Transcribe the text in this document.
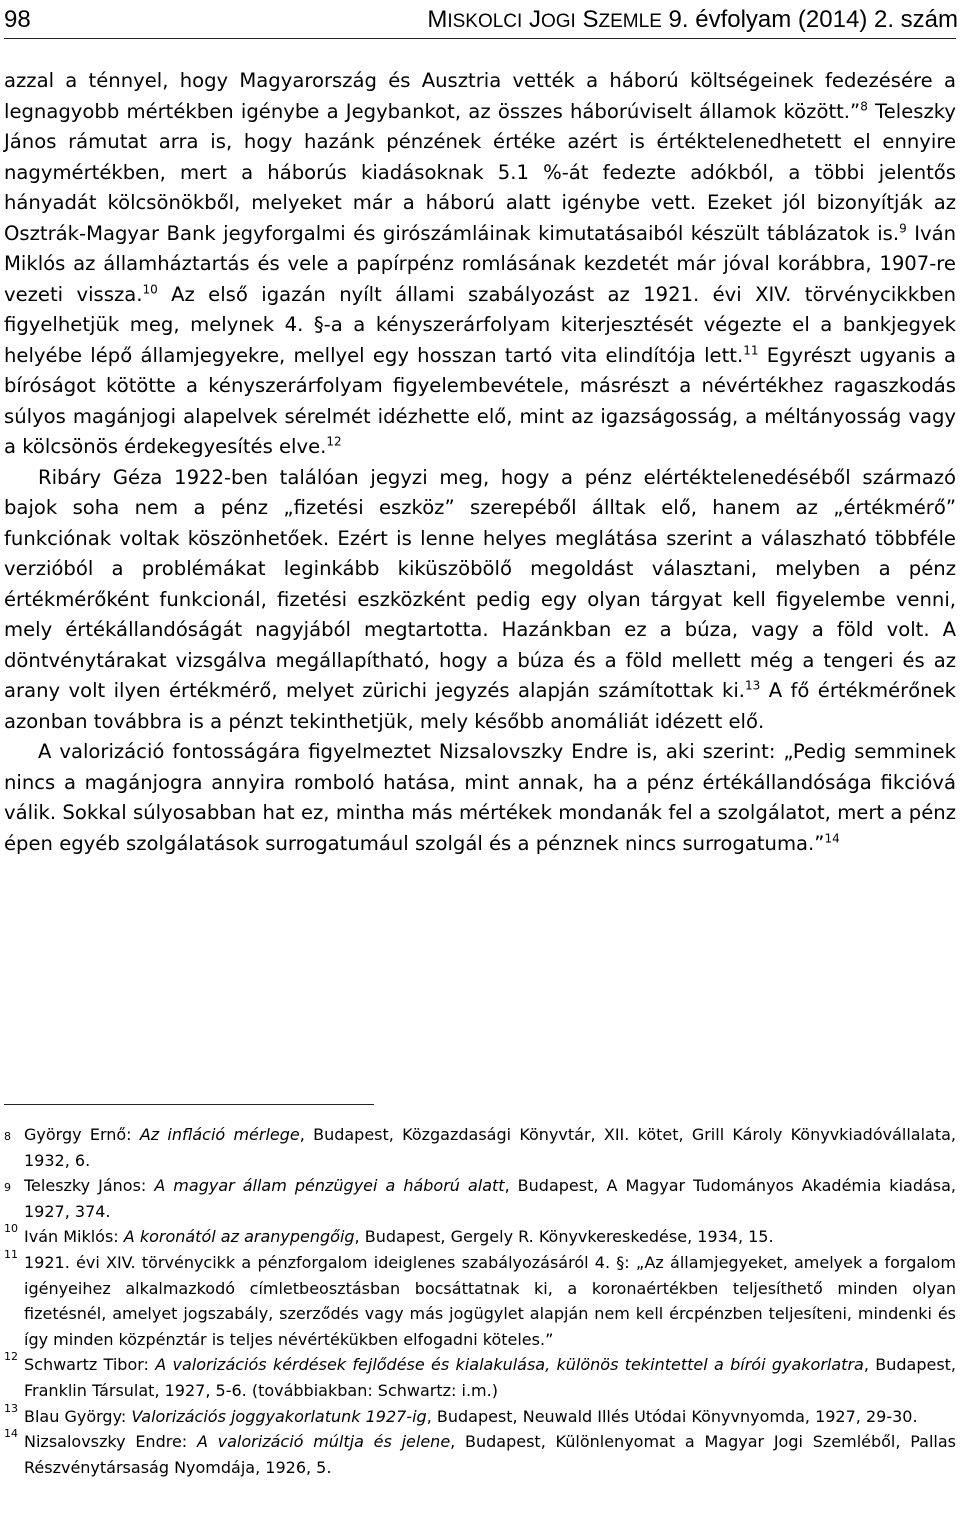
98	MISKOLCI JOGI SZEMLE 9. évfolyam (2014) 2. szám

azzal a ténnyel, hogy Magyarország és Ausztria vették a háború költségeinek fedezésére a legnagyobb mértékben igénybe a Jegybankot, az összes háborúviselt államok között.”$^8$ Teleszky János rámutat arra is, hogy hazánk pénzének értéke azért is értéktelenedhetett el ennyire nagymértékben, mert a háborús kiadásoknak 5.1 %-át fedezte adókból, a többi jelentős hányadát kölcsönökből, melyeket már a háború alatt igénybe vett. Ezeket jól bizonyítják az Osztrák-Magyar Bank jegyforgalmi és girószámláinak kimutatásaiból készült táblázatok is.$^9$ Iván Miklós az államháztartás és vele a papírpénz romlásának kezdetét már jóval korábbra, 1907-re vezeti vissza.$^{10}$ Az első igazán nyílt állami szabályozást az 1921. évi XIV. törvénycikkben figyelhetjük meg, melynek 4. §-a a kényszerárfolyam kiterjesztését végezte el a bankjegyek helyébe lépő államjegyekre, mellyel egy hosszan tartó vita elindítója lett.$^{11}$ Egyrészt ugyanis a bíróságot kötötte a kényszerárfolyam figyelembevétele, másrészt a névértékhez ragaszkodás súlyos magánjogi alapelvek sérelmét idézhette elő, mint az igazságosság, a méltányosság vagy a kölcsönös érdekegyesítés elve.$^{12}$

Ribáry Géza 1922-ben találóan jegyzi meg, hogy a pénz elértéktelenedéséből származó bajok soha nem a pénz „fizetési eszköz” szerepéből álltak elő, hanem az „értékmérő” funkciónak voltak köszönhetőek. Ezért is lenne helyes meglátása szerint a válaszható többféle verzióból a problémákat leginkább kiküszöbölő megoldást választani, melyben a pénz értékmérőként funkcionál, fizetési eszközként pedig egy olyan tárgyat kell figyelembe venni, mely értékállandóságát nagyjából megtartotta. Hazánkban ez a búza, vagy a föld volt. A döntvénytárakat vizsgálva megállapítható, hogy a búza és a föld mellett még a tengeri és az arany volt ilyen értékmérő, melyet zürichi jegyzés alapján számítottak ki.$^{13}$ A fő értékmérőnek azonban továbbra is a pénzt tekinthetjük, mely később anomáliát idézett elő.

A valorizáció fontosságára figyelmeztet Nizsalovszky Endre is, aki szerint: „Pedig semminek nincs a magánjogra annyira romboló hatása, mint annak, ha a pénz értékállandósága fikcióvá válik. Sokkal súlyosabban hat ez, mintha más mértékek mondanák fel a szolgálatot, mert a pénz épen egyéb szolgálatások surrogatumául szolgál és a pénznek nincs surrogatuma.”$^{14}$

8 György Ernő: Az infláció mérlege, Budapest, Közgazdasági Könyvtár, XII. kötet, Grill Károly Könyvkiadóvállalata, 1932, 6.

9 Teleszky János: A magyar állam pénzügyei a háború alatt, Budapest, A Magyar Tudományos Akadémia kiadása, 1927, 374.

10 Iván Miklós: A koronától az aranypengőig, Budapest, Gergely R. Könyvkereskedése, 1934, 15.

11 1921. évi XIV. törvénycikk a pénzforgalom ideiglenes szabályozásáról 4. §: „Az államjegyeket, amelyek a forgalom igényeihez alkalmazkodó címletbeosztásban bocsáttatnak ki, a koronaértékben teljesíthető minden olyan fizetésnél, amelyet jogszabály, szerződés vagy más jogügylet alapján nem kell ércpénzben teljesíteni, mindenki és így minden közpénztár is teljes névértékükben elfogadni köteles.”

12 Schwartz Tibor: A valorizációs kérdések fejlődése és kialakulása, különös tekintettel a bírói gyakorlatra, Budapest, Franklin Társulat, 1927, 5-6. (továbbiakban: Schwartz: i.m.)

13 Blau György: Valorizációs joggyakorlatunk 1927-ig, Budapest, Neuwald Illés Utódai Könyvnyomda, 1927, 29-30.

14 Nizsalovszky Endre: A valorizáció múltja és jelene, Budapest, Különlenyomat a Magyar Jogi Szemléből, Pallas Részvénytársaság Nyomdája, 1926, 5.
